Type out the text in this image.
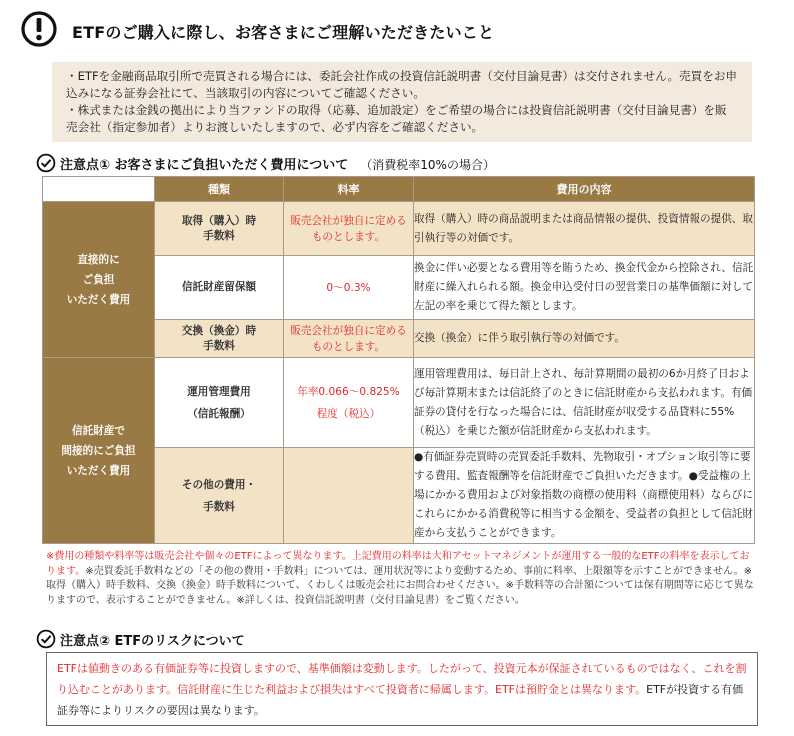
ETFのご購入に際し、お客さまにご理解いただきたいこと

・ETFを金融商品取引所で売買される場合には、委託会社作成の投資信託説明書（交付目論見書）は交付されません。売買をお申込みになる証券会社にて、当該取引の内容についてご確認ください。

・株式または金銭の拠出により当ファンドの取得（応募、追加設定）をご希望の場合には投資信託説明書（交付目論見書）を販売会社（指定参加者）よりお渡しいたしますので、必ず内容をご確認ください。

注意点① お客さまにご負担いただく費用について （消費税率10%の場合）
	種類	料率	費用の内容
直接的に
ご負担
いただく費用	取得（購入）時
手数料	販売会社が独自に定める
ものとします。	取得（購入）時の商品説明または商品情報の提供、投資情報の提供、取引執行等の対価です。
	信託財産留保額	0〜0.3%	換金に伴い必要となる費用等を賄うため、換金代金から控除され、信託財産に繰入れられる額。換金申込受付日の翌営業日の基準価額に対して左記の率を乗じて得た額とします。
	交換（換金）時
手数料	販売会社が独自に定める
ものとします。	交換（換金）に伴う取引執行等の対価です。
信託財産で
間接的にご負担
いただく費用	運用管理費用
（信託報酬）	年率0.066〜0.825%
程度（税込）	運用管理費用は、毎日計上され、毎計算期間の最初の6か月終了日および毎計算期末または信託終了のときに信託財産から支払われます。有価証券の貸付を行なった場合には、信託財産が収受する品貸料に55%（税込）を乗じた額が信託財産から支払われます。
	その他の費用・
手数料		●有価証券売買時の売買委託手数料、先物取引・オプション取引等に要する費用、監査報酬等を信託財産でご負担いただきます。●受益権の上場にかかる費用および対象指数の商標の使用料（商標使用料）ならびにこれらにかかる消費税等に相当する金額を、受益者の負担として信託財産から支払うことができます。
※費用の種類や料率等は販売会社や個々のETFによって異なります。上記費用の料率は大和アセットマネジメントが運用する一般的なETFの料率を表示しております。※売買委託手数料などの「その他の費用・手数料」については、運用状況等により変動するため、事前に料率、上限額等を示すことができません。※取得（購入）時手数料、交換（換金）時手数料について、くわしくは販売会社にお問合わせください。※手数料等の合計額については保有期間等に応じて異なりますので、表示することができません。※詳しくは、投資信託説明書（交付目論見書）をご覧ください。
注意点② ETFのリスクについて
ETFは値動きのある有価証券等に投資しますので、基準価額は変動します。したがって、投資元本が保証されているものではなく、これを割り込むことがあります。信託財産に生じた利益および損失はすべて投資者に帰属します。ETFは預貯金とは異なります。ETFが投資する有価証券等によりリスクの要因は異なります。
